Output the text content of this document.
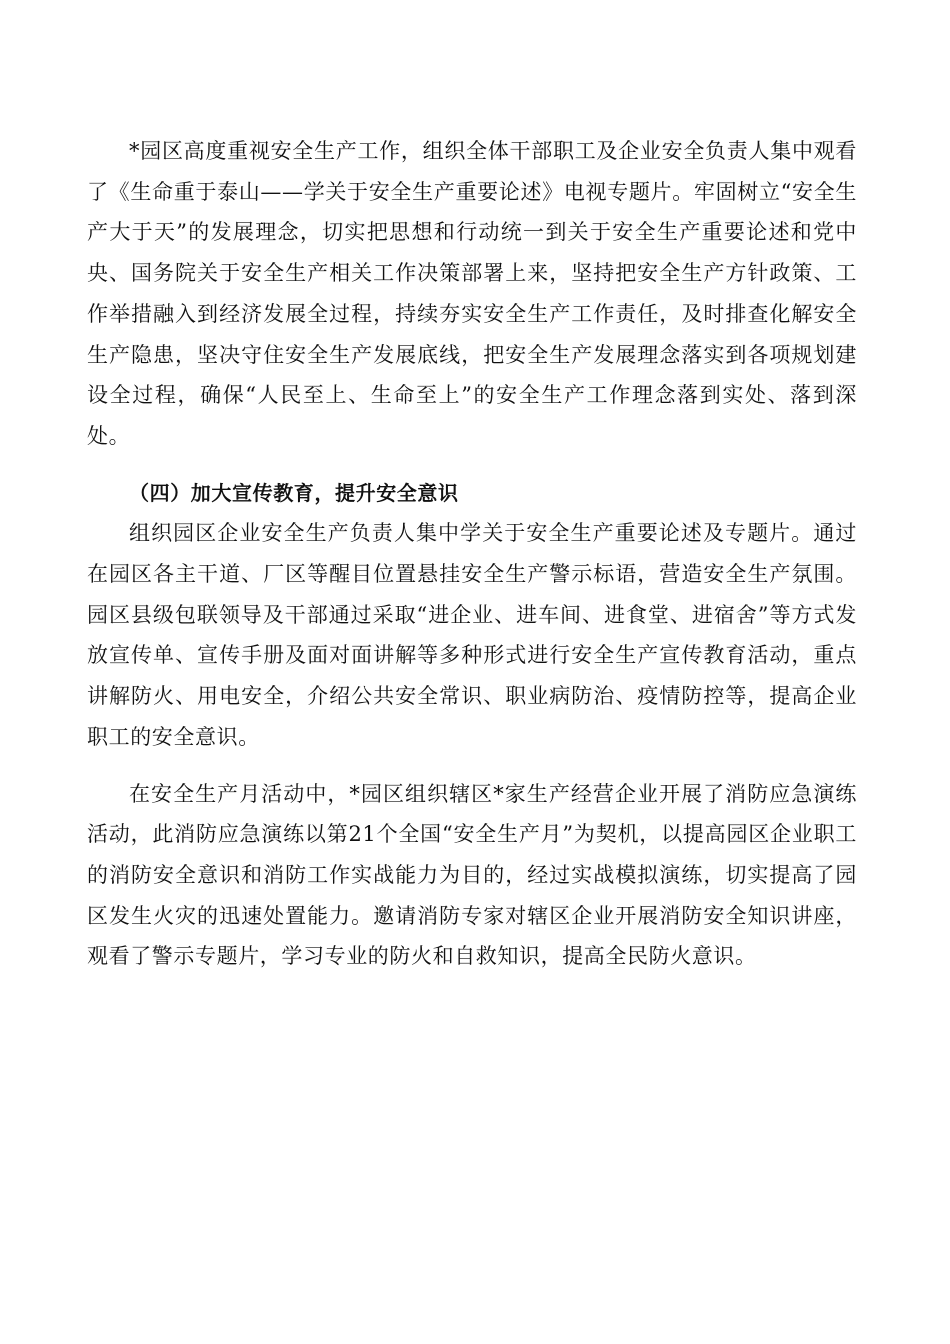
*园区高度重视安全生产工作，组织全体干部职工及企业安全负责人集中观看了《生命重于泰山——学关于安全生产重要论述》电视专题片。牢固树立“安全生产大于天”的发展理念，切实把思想和行动统一到关于安全生产重要论述和党中央、国务院关于安全生产相关工作决策部署上来，坚持把安全生产方针政策、工作举措融入到经济发展全过程，持续夯实安全生产工作责任，及时排查化解安全生产隐患，坚决守住安全生产发展底线，把安全生产发展理念落实到各项规划建设全过程，确保“人民至上、生命至上”的安全生产工作理念落到实处、落到深处。

（四）加大宣传教育，提升安全意识

组织园区企业安全生产负责人集中学关于安全生产重要论述及专题片。通过在园区各主干道、厂区等醒目位置悬挂安全生产警示标语，营造安全生产氛围。园区县级包联领导及干部通过采取“进企业、进车间、进食堂、进宿舍”等方式发放宣传单、宣传手册及面对面讲解等多种形式进行安全生产宣传教育活动，重点讲解防火、用电安全，介绍公共安全常识、职业病防治、疫情防控等，提高企业职工的安全意识。

在安全生产月活动中，*园区组织辖区*家生产经营企业开展了消防应急演练活动，此消防应急演练以第21个全国“安全生产月”为契机，以提高园区企业职工的消防安全意识和消防工作实战能力为目的，经过实战模拟演练，切实提高了园区发生火灾的迅速处置能力。邀请消防专家对辖区企业开展消防安全知识讲座，观看了警示专题片，学习专业的防火和自救知识，提高全民防火意识。
